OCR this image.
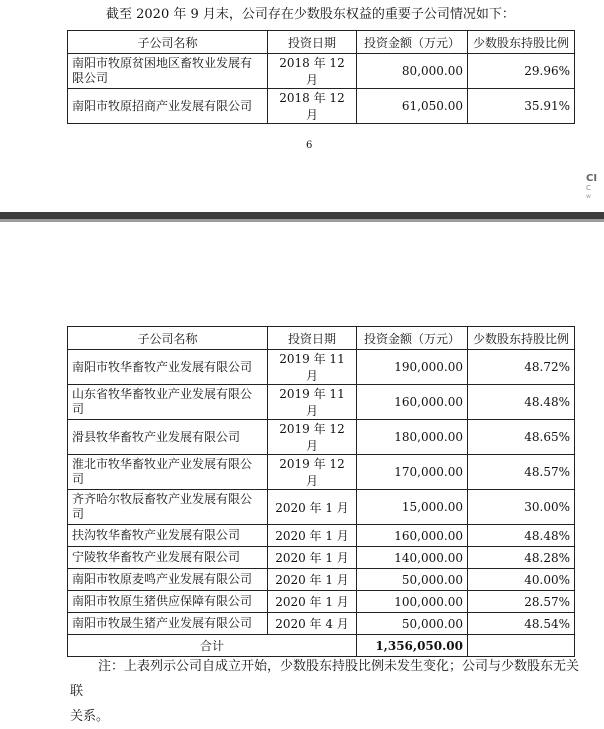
截至 2020 年 9 月末，公司存在少数股东权益的重要子公司情况如下：
子公司名称	投资日期	投资金额（万元）	少数股东持股比例
南阳市牧原贫困地区畜牧业发展有限公司	2018 年 12 月	80,000.00	29.96%
南阳市牧原招商产业发展有限公司	2018 年 12 月	61,050.00	35.91%
6
CI
C
w
子公司名称	投资日期	投资金额（万元）	少数股东持股比例
南阳市牧华畜牧产业发展有限公司	2019 年 11 月	190,000.00	48.72%
山东省牧华畜牧业产业发展有限公司	2019 年 11 月	160,000.00	48.48%
滑县牧华畜牧产业发展有限公司	2019 年 12 月	180,000.00	48.65%
淮北市牧华畜牧业产业发展有限公司	2019 年 12 月	170,000.00	48.57%
齐齐哈尔牧辰畜牧产业发展有限公司	2020 年 1 月	15,000.00	30.00%
扶沟牧华畜牧产业发展有限公司	2020 年 1 月	160,000.00	48.48%
宁陵牧华畜牧产业发展有限公司	2020 年 1 月	140,000.00	48.28%
南阳市牧原麦鸣产业发展有限公司	2020 年 1 月	50,000.00	40.00%
南阳市牧原生猪供应保障有限公司	2020 年 1 月	100,000.00	28.57%
南阳市牧晟生猪产业发展有限公司	2020 年 4 月	50,000.00	48.54%
合计		1,356,050.00	
注：上表列示公司自成立开始，少数股东持股比例未发生变化；公司与少数股东无关联
关系。
